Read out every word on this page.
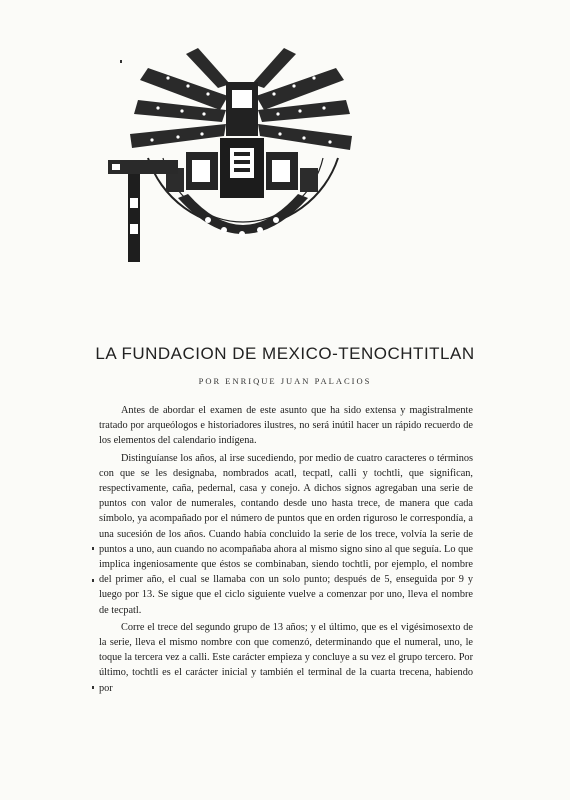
LA FUNDACION DE MEXICO-TENOCHTITLAN
POR ENRIQUE JUAN PALACIOS

Antes de abordar el examen de este asunto que ha sido extensa y magistralmente tratado por arqueólogos e historiadores ilustres, no será inútil hacer un rápido recuerdo de los elementos del calendario indígena.

Distinguíanse los años, al irse sucediendo, por medio de cuatro caracteres o términos con que se les designaba, nombrados acatl, tecpatl, calli y tochtli, que significan, respectivamente, caña, pedernal, casa y conejo. A dichos signos agregaban una serie de puntos con valor de numerales, contando desde uno hasta trece, de manera que cada símbolo, ya acompañado por el número de puntos que en orden riguroso le correspondía, a una sucesión de los años. Cuando había concluido la serie de los trece, volvía la serie de puntos a uno, aun cuando no acompañaba ahora al mismo signo sino al que seguía. Lo que implica ingeniosamente que éstos se combinaban, siendo tochtli, por ejemplo, el nombre del primer año, el cual se llamaba con un solo punto; después de 5, enseguida por 9 y luego por 13. Se sigue que el ciclo siguiente vuelve a comenzar por uno, lleva el nombre de tecpatl.

Corre el trece del segundo grupo de 13 años; y el último, que es el vigésimosexto de la serie, lleva el mismo nombre con que comenzó, determinando que el numeral, uno, le toque la tercera vez a calli. Este carácter empieza y concluye a su vez el grupo tercero. Por último, tochtli es el carácter inicial y también el terminal de la cuarta trecena, habiendo por
